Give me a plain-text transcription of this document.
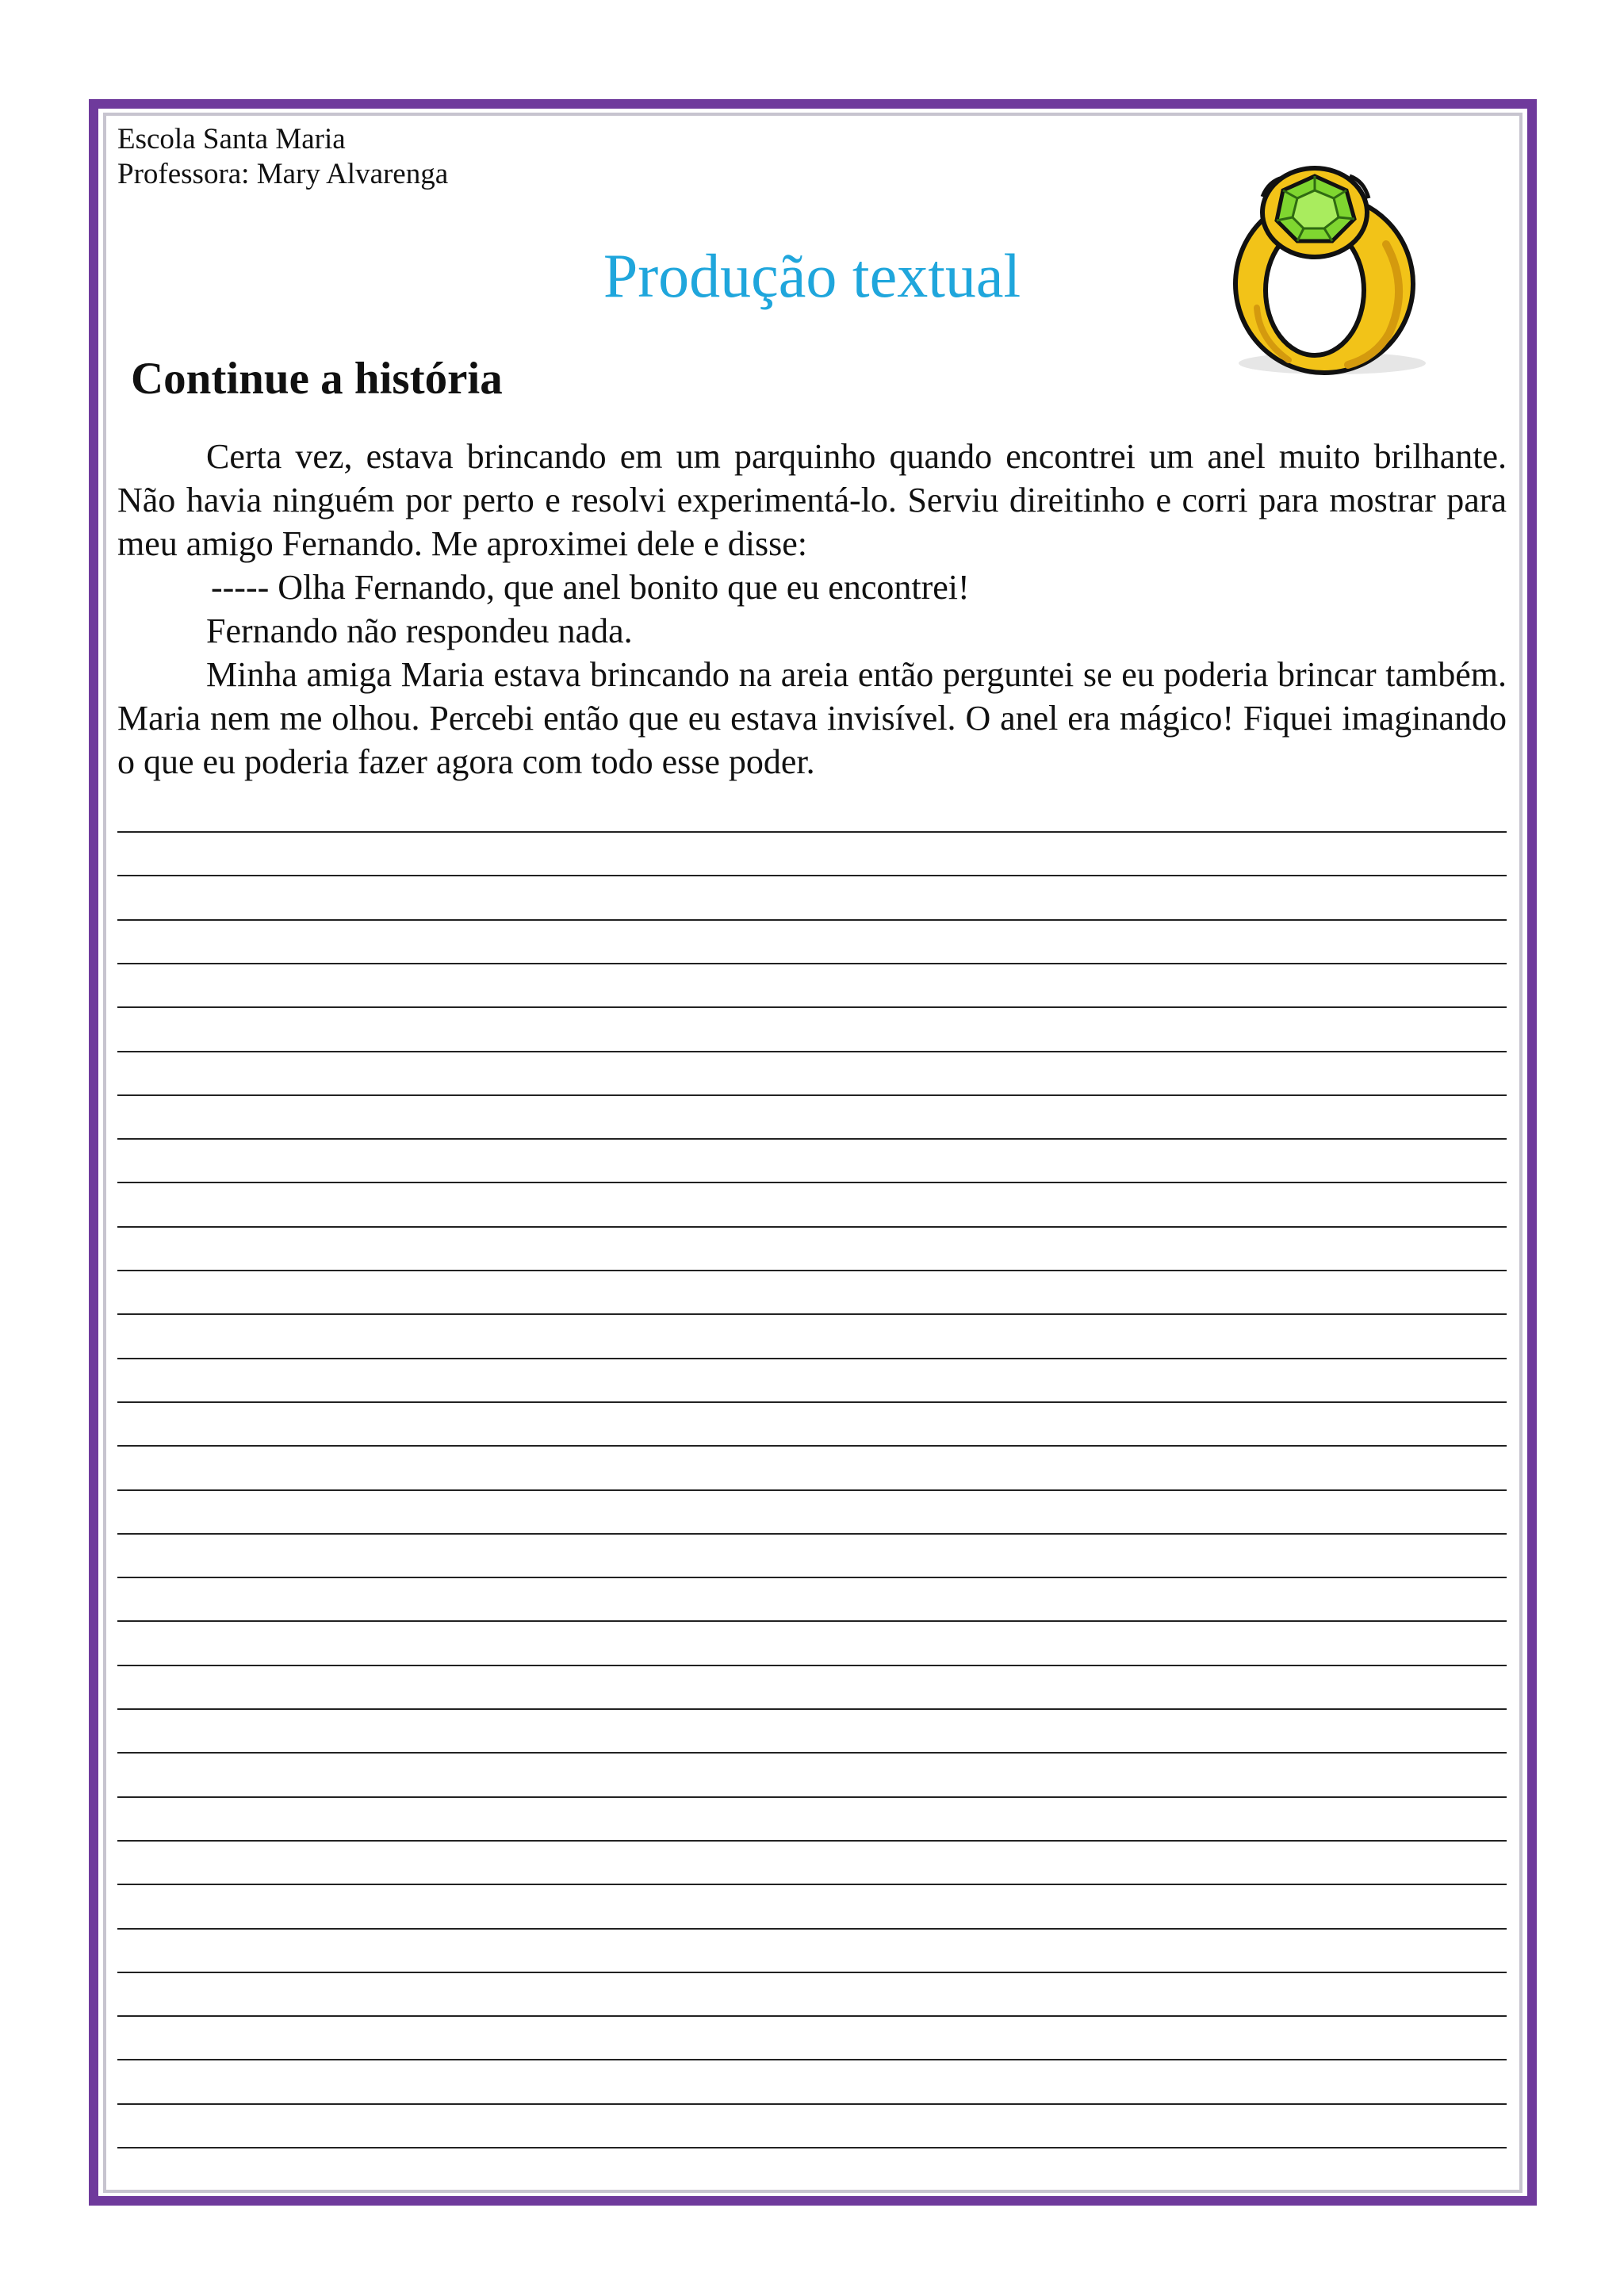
Escola Santa Maria
Professora: Mary Alvarenga
Produção textual
Continue a história

Certa vez, estava brincando em um parquinho quando encontrei um anel muito brilhante. Não havia ninguém por perto e resolvi experimentá-lo. Serviu direitinho e corri para mostrar para meu amigo Fernando. Me aproximei dele e disse:

----- Olha Fernando, que anel bonito que eu encontrei!

Fernando não respondeu nada.

Minha amiga Maria estava brincando na areia então perguntei se eu poderia brincar também. Maria nem me olhou. Percebi então que eu estava invisível. O anel era mágico! Fiquei imaginando o que eu poderia fazer agora com todo esse poder.
